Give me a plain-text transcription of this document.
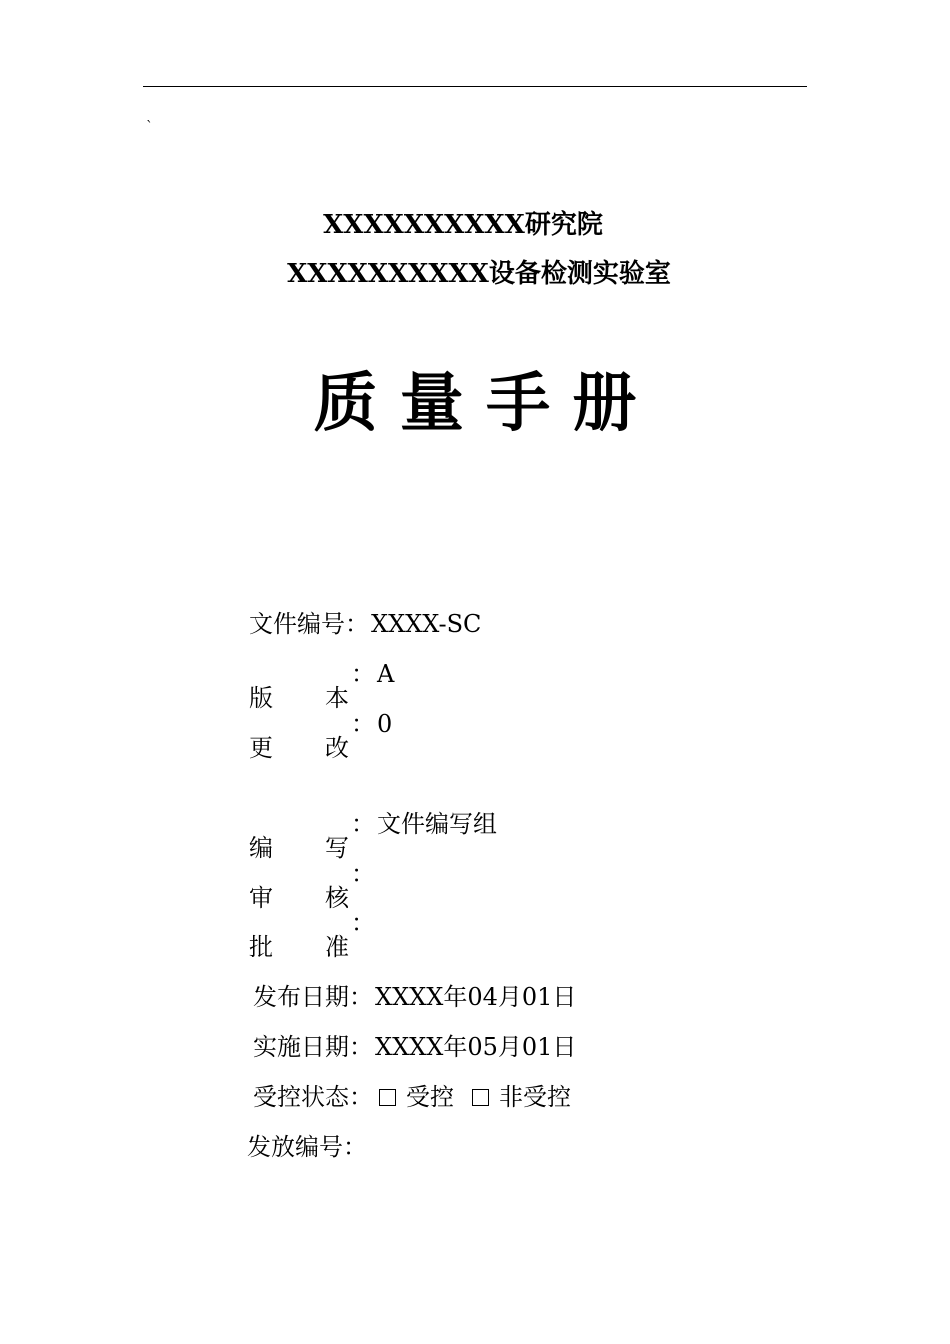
`
XXXXXXXXXX研究院
XXXXXXXXXX设备检测实验室
质 量 手 册
文件编号：XXXX-SC
版 本
：A
更 改
：0
编 写
：文件编写组
审 核
：
批 准
：
发布日期：XXXX年04月01日
实施日期：XXXX年05月01日
受控状态： 受控 非受控
发放编号：
